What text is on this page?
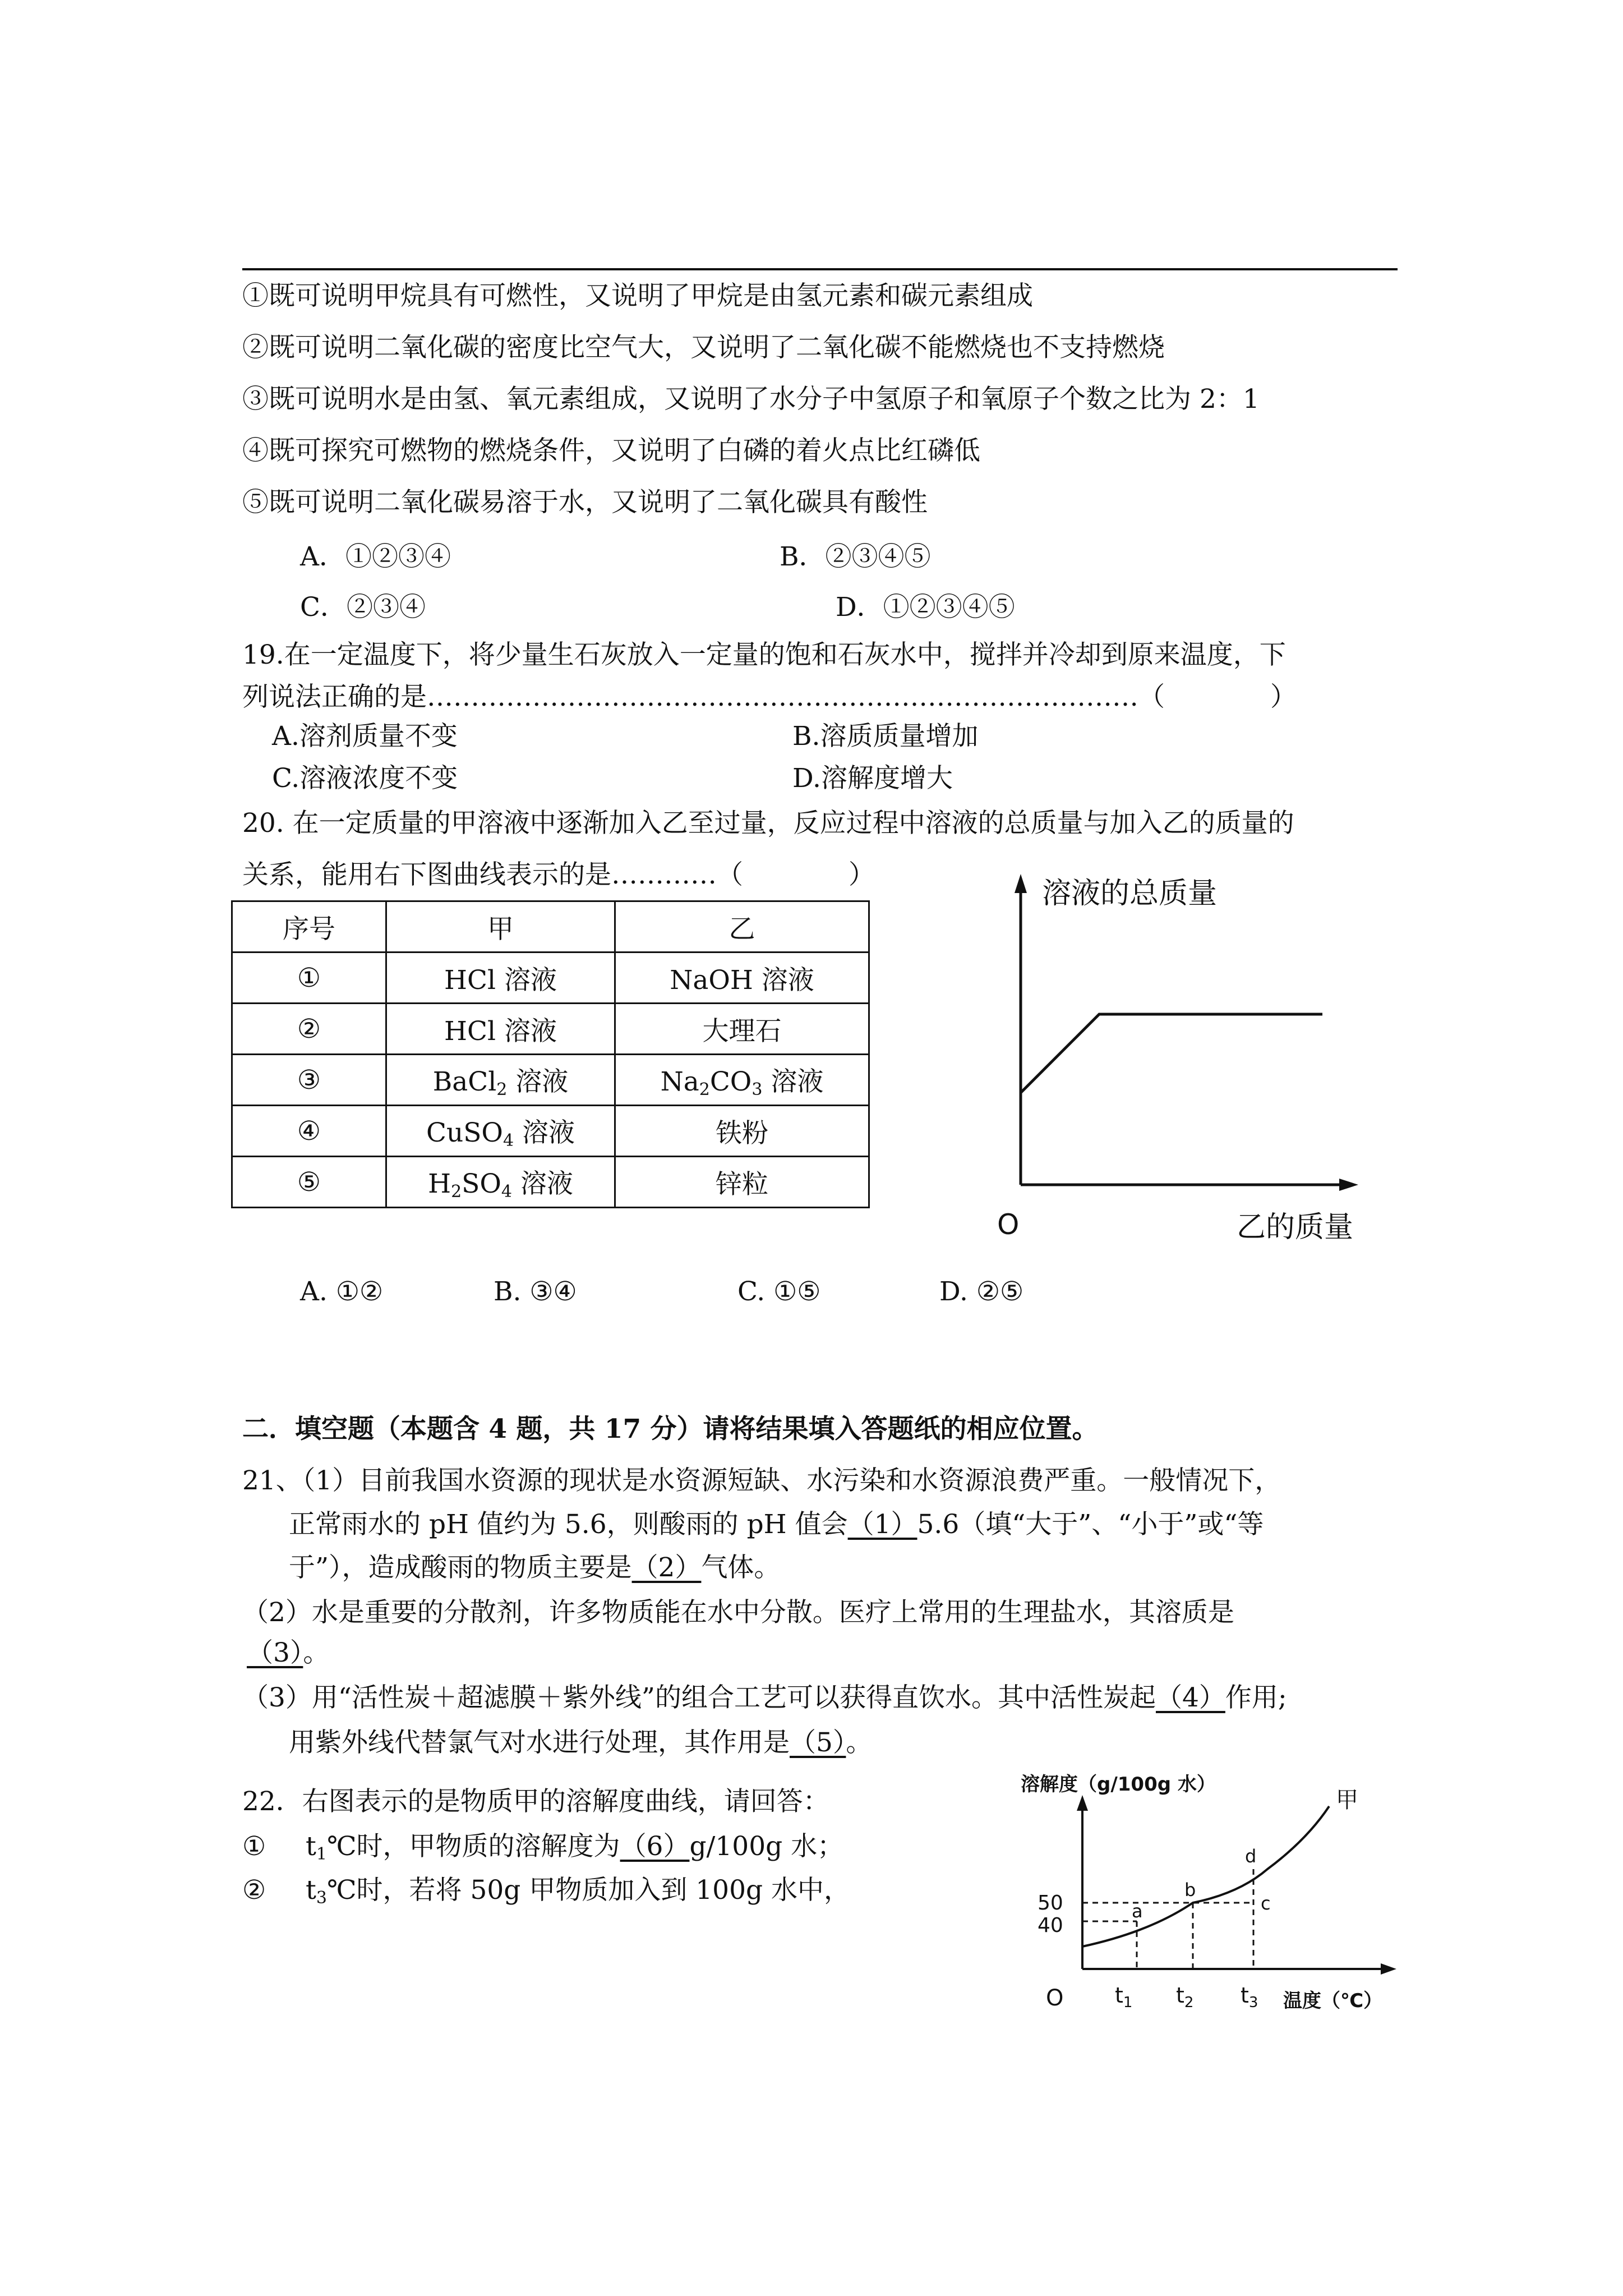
①既可说明甲烷具有可燃性，又说明了甲烷是由氢元素和碳元素组成
②既可说明二氧化碳的密度比空气大，又说明了二氧化碳不能燃烧也不支持燃烧
③既可说明水是由氢、氧元素组成，又说明了水分子中氢原子和氧原子个数之比为 2：1
④既可探究可燃物的燃烧条件，又说明了白磷的着火点比红磷低
⑤既可说明二氧化碳易溶于水，又说明了二氧化碳具有酸性
A．①②③④	B．②③④⑤
C．②③④	D．①②③④⑤
19.在一定温度下，将少量生石灰放入一定量的饱和石灰水中，搅拌并冷却到原来温度，下
列说法正确的是………………………………………………………………………（　　　　）
A.溶剂质量不变	B.溶质质量增加
C.溶液浓度不变	D.溶解度增大
20. 在一定质量的甲溶液中逐渐加入乙至过量，反应过程中溶液的总质量与加入乙的质量的
关系，能用右下图曲线表示的是…………（　　　　）
序号	甲	乙
①	HCl 溶液	NaOH 溶液
②	HCl 溶液	大理石
③	BaCl$_2$ 溶液	$Na_2CO_3$ 溶液
④	CuSO$_4$ 溶液	铁粉
⑤	$H_2SO_4$ 溶液	锌粒
溶液的总质量
O	乙的质量
A. ①②	B. ③④	C. ①⑤	D. ②⑤
二．填空题（本题含 4 题，共 17 分）请将结果填入答题纸的相应位置。
21、（1）目前我国水资源的现状是水资源短缺、水污染和水资源浪费严重。一般情况下，
正常雨水的 pH 值约为 5.6，则酸雨的 pH 值会（1）5.6（填“大于”、“小于”或“等
于”），造成酸雨的物质主要是（2）气体。
（2）水是重要的分散剂，许多物质能在水中分散。医疗上常用的生理盐水，其溶质是
（3）。
（3）用“活性炭＋超滤膜＋紫外线”的组合工艺可以获得直饮水。其中活性炭起（4）作用;
用紫外线代替氯气对水进行处理，其作用是（5）。
22．右图表示的是物质甲的溶解度曲线，请回答：
① $t_1℃$时，甲物质的溶解度为（6）g/100g 水；
② $t_3℃$时，若将 50g 甲物质加入到 100g 水中，
溶解度（g/100g 水）
50
40
O $t_1$ $t_2$ $t_3$ 温度（℃）
a
b
c
d
甲
